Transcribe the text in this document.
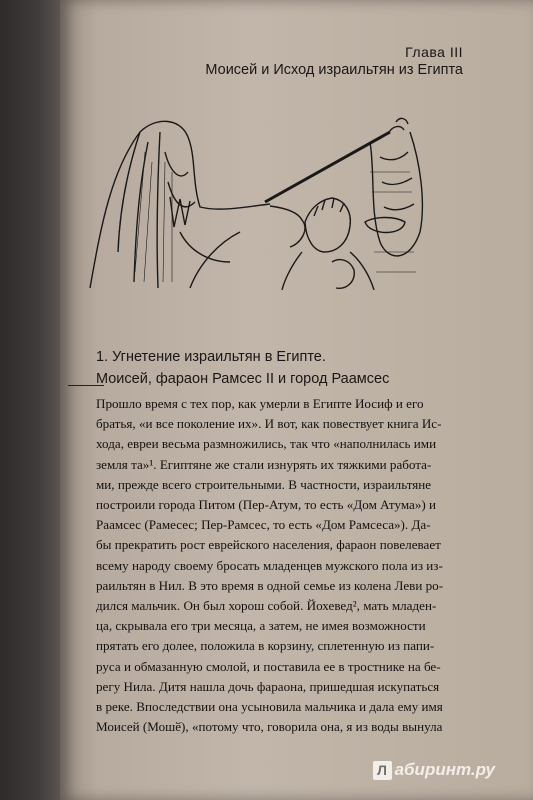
Глава III
Моисей и Исход израильтян из Египта
1. Угнетение израильтян в Египте.
Моисей, фараон Рамсес II и город Раамсес
Прошло время с тех пор, как умерли в Египте Иосиф и его
братья, «и все поколение их». И вот, как повествует книга Ис-
хода, евреи весьма размножились, так что «наполнилась ими
земля та»¹. Египтяне же стали изнурять их тяжкими работа-
ми, прежде всего строительными. В частности, израильтяне
построили города Питом (Пер-Атум, то есть «Дом Атума») и
Раамсес (Рамесес; Пер-Рамсес, то есть «Дом Рамсеса»). Да-
бы прекратить рост еврейского населения, фараон повелевает
всему народу своему бросать младенцев мужского пола из из-
раильтян в Нил. В это время в одной семье из колена Леви ро-
дился мальчик. Он был хорош собой. Йохевед², мать младен-
ца, скрывала его три месяца, а затем, не имея возможности
прятать его долее, положила в корзину, сплетенную из папи-
руса и обмазанную смолой, и поставила ее в тростнике на бе-
регу Нила. Дитя нашла дочь фараона, пришедшая искупаться
в реке. Впоследствии она усыновила мальчика и дала ему имя
Моисей (Мошӗ), «потому что, говорила она, я из воды вынула
Л абиринт.ру
